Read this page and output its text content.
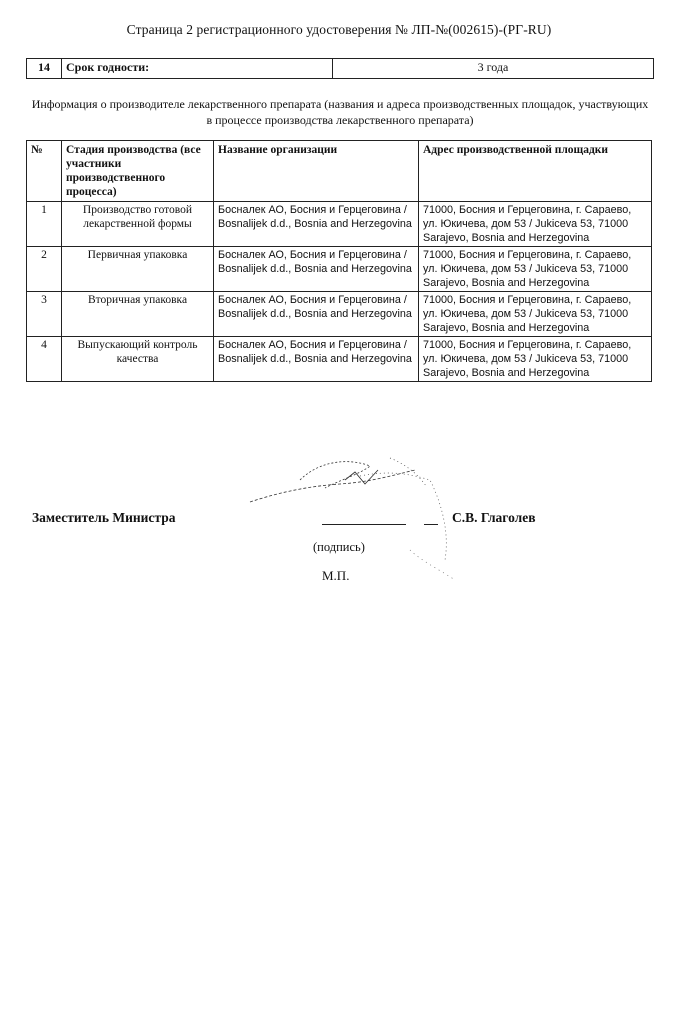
Страница 2 регистрационного удостоверения № ЛП-№(002615)-(РГ-RU)
14	Срок годности:	3 года
Информация о производителе лекарственного препарата (названия и адреса производственных площадок, участвующих в процессе производства лекарственного препарата)
№	Стадия производства (все участники производственного процесса)	Название организации	Адрес производственной площадки
1	Производство готовой лекарственной формы	Босналек АО, Босния и Герцеговина / Bosnalijek d.d., Bosnia and Herzegovina	71000, Босния и Герцеговина, г. Сараево, ул. Юкичева, дом 53 / Jukiceva 53, 71000 Sarajevo, Bosnia and Herzegovina
2	Первичная упаковка	Босналек АО, Босния и Герцеговина / Bosnalijek d.d., Bosnia and Herzegovina	71000, Босния и Герцеговина, г. Сараево, ул. Юкичева, дом 53 / Jukiceva 53, 71000 Sarajevo, Bosnia and Herzegovina
3	Вторичная упаковка	Босналек АО, Босния и Герцеговина / Bosnalijek d.d., Bosnia and Herzegovina	71000, Босния и Герцеговина, г. Сараево, ул. Юкичева, дом 53 / Jukiceva 53, 71000 Sarajevo, Bosnia and Herzegovina
4	Выпускающий контроль качества	Босналек АО, Босния и Герцеговина / Bosnalijek d.d., Bosnia and Herzegovina	71000, Босния и Герцеговина, г. Сараево, ул. Юкичева, дом 53 / Jukiceva 53, 71000 Sarajevo, Bosnia and Herzegovina
Заместитель Министра	С.В. Глаголев
(подпись)
М.П.
